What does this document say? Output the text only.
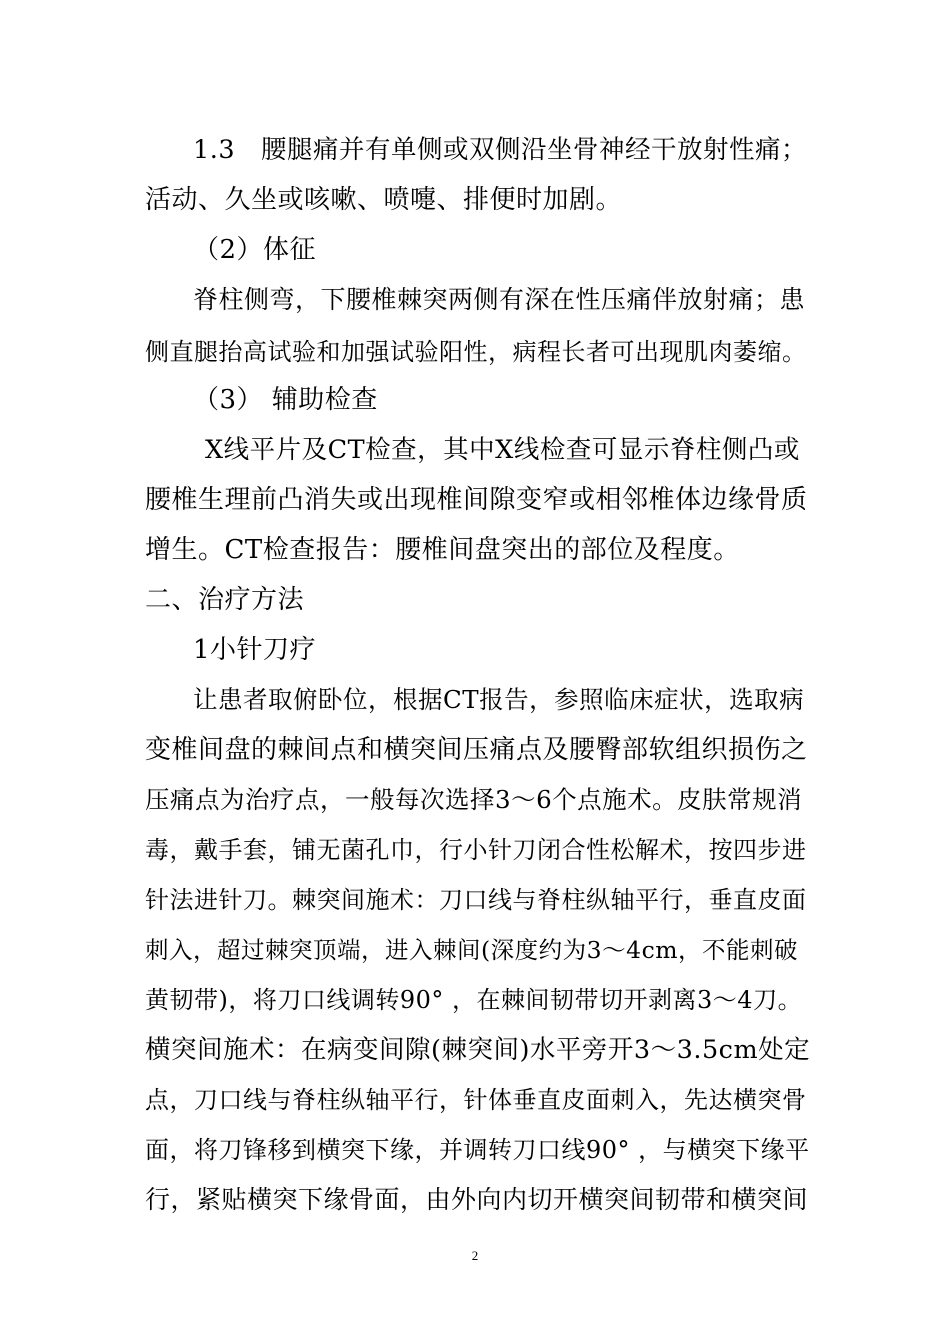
1.3　腰腿痛并有单侧或双侧沿坐骨神经干放射性痛；
活动、久坐或咳嗽、喷嚏、排便时加剧。
（2）体征
脊柱侧弯，下腰椎棘突两侧有深在性压痛伴放射痛；患
侧直腿抬高试验和加强试验阳性，病程长者可出现肌肉萎缩。
（3） 辅助检查
X线平片及CT检查，其中X线检查可显示脊柱侧凸或
腰椎生理前凸消失或出现椎间隙变窄或相邻椎体边缘骨质
增生。CT检查报告：腰椎间盘突出的部位及程度。
二、治疗方法
1小针刀疗
让患者取俯卧位，根据CT报告，参照临床症状，选取病
变椎间盘的棘间点和横突间压痛点及腰臀部软组织损伤之
压痛点为治疗点，一般每次选择3～6个点施术。皮肤常规消
毒，戴手套，铺无菌孔巾，行小针刀闭合性松解术，按四步进
针法进针刀。棘突间施术：刀口线与脊柱纵轴平行，垂直皮面
刺入，超过棘突顶端，进入棘间(深度约为3～4cm，不能刺破
黄韧带)，将刀口线调转90° ，在棘间韧带切开剥离3～4刀。
横突间施术：在病变间隙(棘突间)水平旁开3～3.5cm处定
点，刀口线与脊柱纵轴平行，针体垂直皮面刺入，先达横突骨
面，将刀锋移到横突下缘，并调转刀口线90° ，与横突下缘平
行，紧贴横突下缘骨面，由外向内切开横突间韧带和横突间
2
